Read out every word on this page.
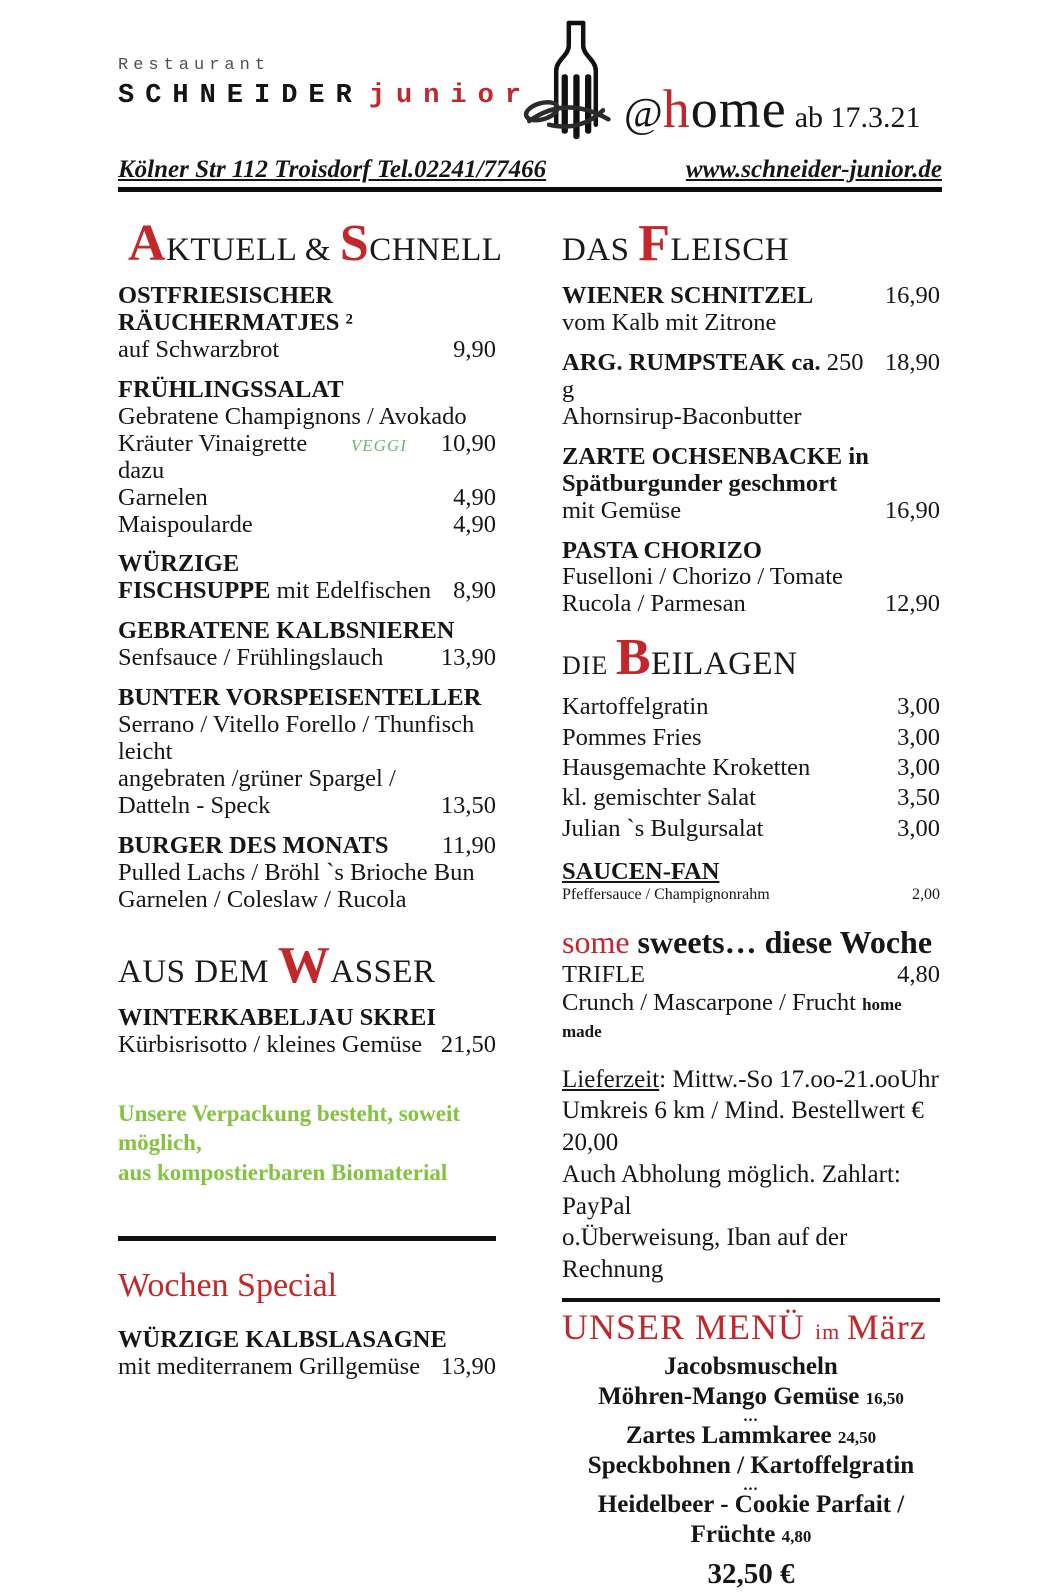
Restaurant
SCHNEIDER junior @home ab 17.3.21
Kölner Str 112 Troisdorf Tel.02241/77466	www.schneider-junior.de
AKTUELL & SCHNELL
OSTFRIESISCHER
RÄUCHERMATJES ²
auf Schwarzbrot	9,90
FRÜHLINGSSALAT
Gebratene Champignons / Avokado
Kräuter Vinaigrette	VEGGI 10,90
dazu
Garnelen	4,90
Maispoularde	4,90
WÜRZIGE
FISCHSUPPE mit Edelfischen 8,90
GEBRATENE KALBSNIEREN
Senfsauce / Frühlingslauch 13,90
BUNTER VORSPEISENTELLER
Serrano / Vitello Forello / Thunfisch leicht
angebraten /grüner Spargel /
Datteln - Speck	13,50
BURGER DES MONATS 11,90
Pulled Lachs / Bröhl `s Brioche Bun
Garnelen / Coleslaw / Rucola
AUS DEM WASSER
WINTERKABELJAU SKREI
Kürbisrisotto / kleines Gemüse 21,50
Unsere Verpackung besteht, soweit möglich,
aus kompostierbaren Biomaterial
Wochen Special
WÜRZIGE KALBSLASAGNE
mit mediterranem Grillgemüse 13,90
DAS FLEISCH
WIENER SCHNITZEL	16,90
vom Kalb mit Zitrone
ARG. RUMPSTEAK ca. 250 g
18,90
Ahornsirup-Baconbutter
ZARTE OCHSENBACKE in
Spätburgunder geschmort
mit Gemüse	16,90
PASTA CHORIZO
Fuselloni / Chorizo / Tomate
Rucola / Parmesan	12,90
DIE BEILAGEN
Kartoffelgratin	3,00
Pommes Fries	3,00
Hausgemachte Kroketten	3,00
kl. gemischter Salat	3,50
Julian `s Bulgursalat	3,00
SAUCEN-FAN
Pfeffersauce / Champignonrahm	2,00
some sweets… diese Woche
TRIFLE	4,80
Crunch / Mascarpone / Frucht home made
Lieferzeit: Mittw.-So 17.oo-21.ooUhr
Umkreis 6 km / Mind. Bestellwert € 20,00
Auch Abholung möglich. Zahlart: PayPal
o.Überweisung, Iban auf der Rechnung
UNSER MENÜ im März
Jacobsmuscheln
Möhren-Mango Gemüse 16,50
...
Zartes Lammkaree 24,50
Speckbohnen / Kartoffelgratin
...
Heidelbeer - Cookie Parfait / Früchte 4,80
32,50 €
